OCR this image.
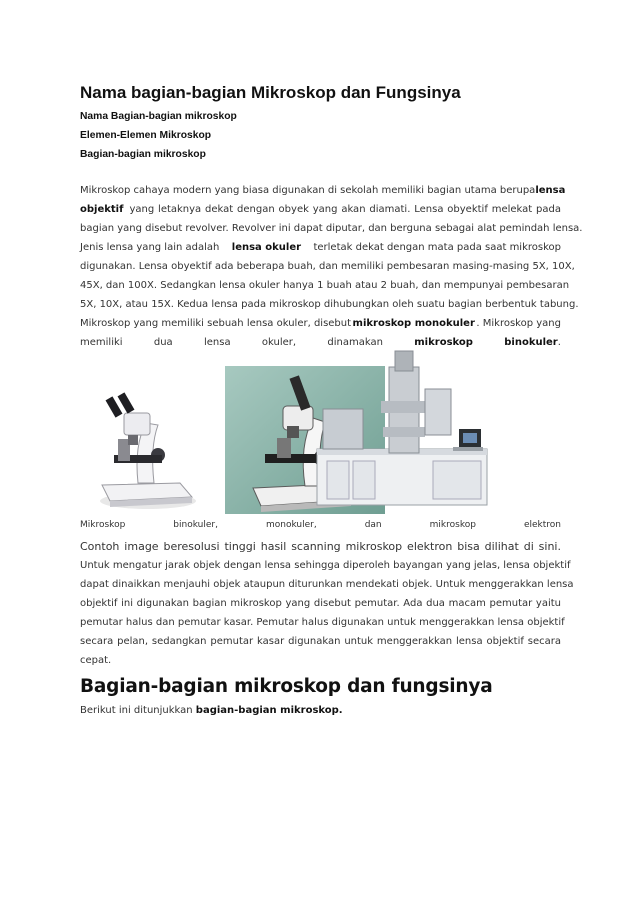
Nama bagian-bagian Mikroskop dan Fungsinya
Nama Bagian-bagian mikroskop
Elemen-Elemen Mikroskop
Bagian-bagian mikroskop
Mikroskop cahaya modern yang biasa digunakan di sekolah memiliki bagian utama berupa lensa
objektif yang letaknya dekat dengan obyek yang akan diamati. Lensa obyektif melekat pada
bagian yang disebut revolver. Revolver ini dapat diputar, dan berguna sebagai alat pemindah lensa.
Jenis lensa yang lain adalah lensa okuler terletak dekat dengan mata pada saat mikroskop
digunakan. Lensa obyektif ada beberapa buah, dan memiliki pembesaran masing-masing 5X, 10X,
45X, dan 100X. Sedangkan lensa okuler hanya 1 buah atau 2 buah, dan mempunyai pembesaran
5X, 10X, atau 15X. Kedua lensa pada mikroskop dihubungkan oleh suatu bagian berbentuk tabung.
Mikroskop yang memiliki sebuah lensa okuler, disebut mikroskop monokuler . Mikroskop yang
memiliki	dua	lensa	okuler,	dinamakan	mikroskop	binokuler.
Mikroskop	binokuler,	monokuler,	dan	mikroskop	elektron
Contoh image beresolusi tinggi hasil scanning mikroskop elektron bisa dilihat di sini.
Untuk mengatur jarak objek dengan lensa sehingga diperoleh bayangan yang jelas, lensa objektif
dapat dinaikkan menjauhi objek ataupun diturunkan mendekati objek. Untuk menggerakkan lensa
objektif ini digunakan bagian mikroskop yang disebut pemutar. Ada dua macam pemutar yaitu
pemutar halus dan pemutar kasar. Pemutar halus digunakan untuk menggerakkan lensa objektif
secara pelan, sedangkan pemutar kasar digunakan untuk menggerakkan lensa objektif secara
cepat.
Bagian-bagian mikroskop dan fungsinya
Berikut ini ditunjukkan bagian-bagian mikroskop.
